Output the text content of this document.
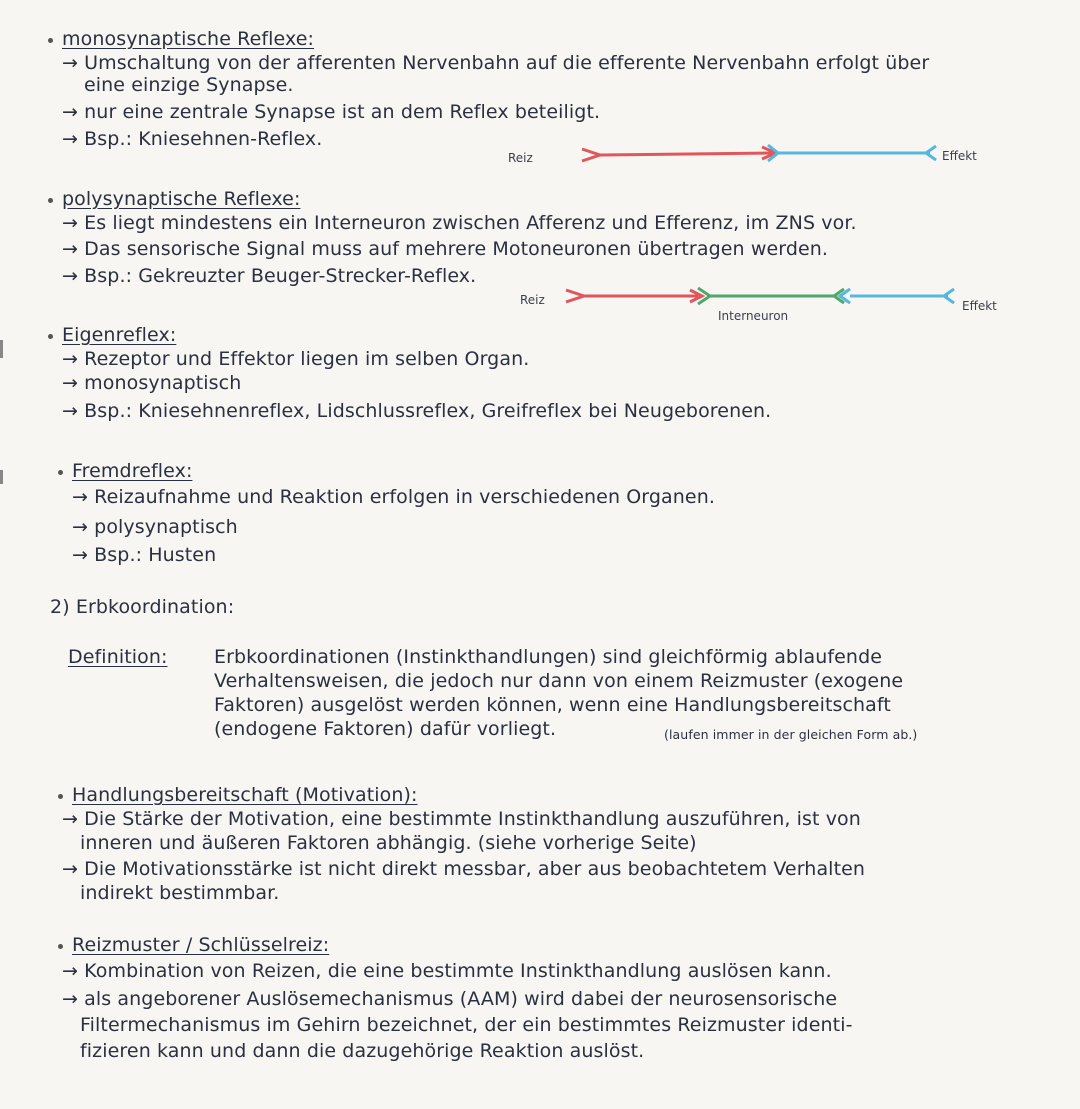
monosynaptische Reflexe:
→ Umschaltung von der afferenten Nervenbahn auf die efferente Nervenbahn erfolgt über
eine einzige Synapse.
→ nur eine zentrale Synapse ist an dem Reflex beteiligt.
→ Bsp.: Kniesehnen-Reflex.
Reiz	Effekt
polysynaptische Reflexe:
→ Es liegt mindestens ein Interneuron zwischen Afferenz und Efferenz, im ZNS vor.
→ Das sensorische Signal muss auf mehrere Motoneuronen übertragen werden.
→ Bsp.: Gekreuzter Beuger-Strecker-Reflex.
Reiz
Interneuron
Effekt
Eigenreflex:
→ Rezeptor und Effektor liegen im selben Organ.
→ monosynaptisch
→ Bsp.: Kniesehnenreflex, Lidschlussreflex, Greifreflex bei Neugeborenen.
Fremdreflex:
→ Reizaufnahme und Reaktion erfolgen in verschiedenen Organen.
→ polysynaptisch
→ Bsp.: Husten
2) Erbkoordination:
Definition: Erbkoordinationen (Instinkthandlungen) sind gleichförmig ablaufende
Verhaltensweisen, die jedoch nur dann von einem Reizmuster (exogene
Faktoren) ausgelöst werden können, wenn eine Handlungsbereitschaft
(endogene Faktoren) dafür vorliegt.	(laufen immer in der gleichen Form ab.)
Handlungsbereitschaft (Motivation):
→ Die Stärke der Motivation, eine bestimmte Instinkthandlung auszuführen, ist von
inneren und äußeren Faktoren abhängig. (siehe vorherige Seite)
→ Die Motivationsstärke ist nicht direkt messbar, aber aus beobachtetem Verhalten
indirekt bestimmbar.
Reizmuster / Schlüsselreiz:
→ Kombination von Reizen, die eine bestimmte Instinkthandlung auslösen kann.
→ als angeborener Auslösemechanismus (AAM) wird dabei der neurosensorische
Filtermechanismus im Gehirn bezeichnet, der ein bestimmtes Reizmuster identi-
fizieren kann und dann die dazugehörige Reaktion auslöst.
